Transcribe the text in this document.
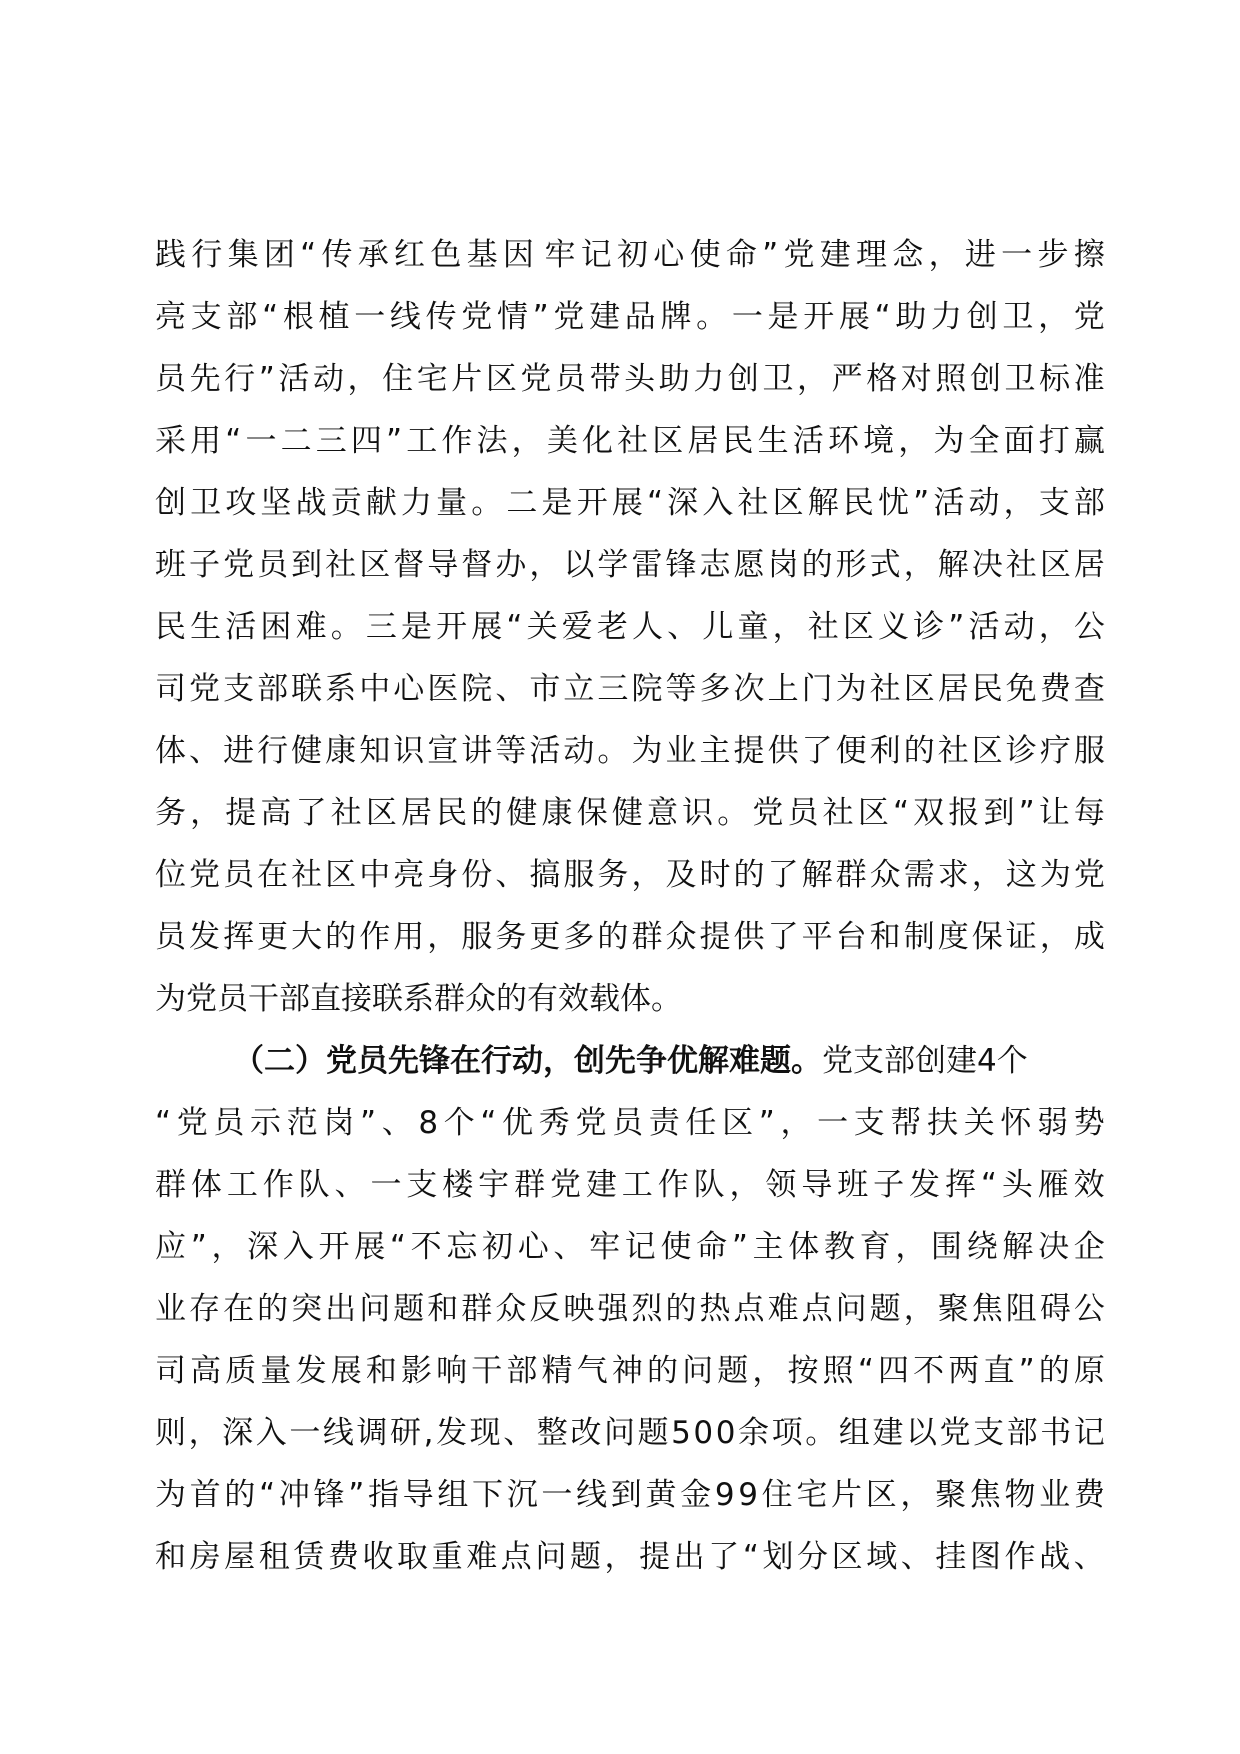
践 行 集 团 “ 传 承 红 色 基 因 牢 记 初 心 使 命 ” 党 建 理 念 ， 进 一 步 擦
亮 支 部 “ 根 植 一 线 传 党 情 ” 党 建 品 牌 。 一 是 开 展 “ 助 力 创 卫 ， 党
员 先 行 ” 活 动 ， 住 宅 片 区 党 员 带 头 助 力 创 卫 ， 严 格 对 照 创 卫 标 准
采 用 “ 一 二 三 四 ” 工 作 法 ， 美 化 社 区 居 民 生 活 环 境 ， 为 全 面 打 赢
创 卫 攻 坚 战 贡 献 力 量 。 二 是 开 展 “ 深 入 社 区 解 民 忧 ” 活 动 ， 支 部
班 子 党 员 到 社 区 督 导 督 办 ， 以 学 雷 锋 志 愿 岗 的 形 式 ， 解 决 社 区 居
民 生 活 困 难 。 三 是 开 展 “ 关 爱 老 人 、 儿 童 ， 社 区 义 诊 ” 活 动 ， 公
司 党 支 部 联 系 中 心 医 院 、 市 立 三 院 等 多 次 上 门 为 社 区 居 民 免 费 查
体 、 进 行 健 康 知 识 宣 讲 等 活 动 。 为 业 主 提 供 了 便 利 的 社 区 诊 疗 服
务 ， 提 高 了 社 区 居 民 的 健 康 保 健 意 识 。 党 员 社 区 “ 双 报 到 ” 让 每
位 党 员 在 社 区 中 亮 身 份 、 搞 服 务 ， 及 时 的 了 解 群 众 需 求 ， 这 为 党
员 发 挥 更 大 的 作 用 ， 服 务 更 多 的 群 众 提 供 了 平 台 和 制 度 保 证 ， 成
为党员干部直接联系群众的有效载体。
（二）党员先锋在行动，创先争优解难题。 党支部创建4个
“ 党 员 示 范 岗 ” 、 8 个 “ 优 秀 党 员 责 任 区 ” ， 一 支 帮 扶 关 怀 弱 势
群 体 工 作 队 、 一 支 楼 宇 群 党 建 工 作 队 ， 领 导 班 子 发 挥 “ 头 雁 效
应 ” ， 深 入 开 展 “ 不 忘 初 心 、 牢 记 使 命 ” 主 体 教 育 ， 围 绕 解 决 企
业 存 在 的 突 出 问 题 和 群 众 反 映 强 烈 的 热 点 难 点 问 题 ， 聚 焦 阻 碍 公
司 高 质 量 发 展 和 影 响 干 部 精 气 神 的 问 题 ， 按 照 “ 四 不 两 直 ” 的 原
则 ， 深 入 一 线 调 研 , 发 现 、 整 改 问 题 5 0 0 余 项 。 组 建 以 党 支 部 书 记
为 首 的 “ 冲 锋 ” 指 导 组 下 沉 一 线 到 黄 金 9 9 住 宅 片 区 ， 聚 焦 物 业 费
和 房 屋 租 赁 费 收 取 重 难 点 问 题 ， 提 出 了 “ 划 分 区 域 、 挂 图 作 战 、
